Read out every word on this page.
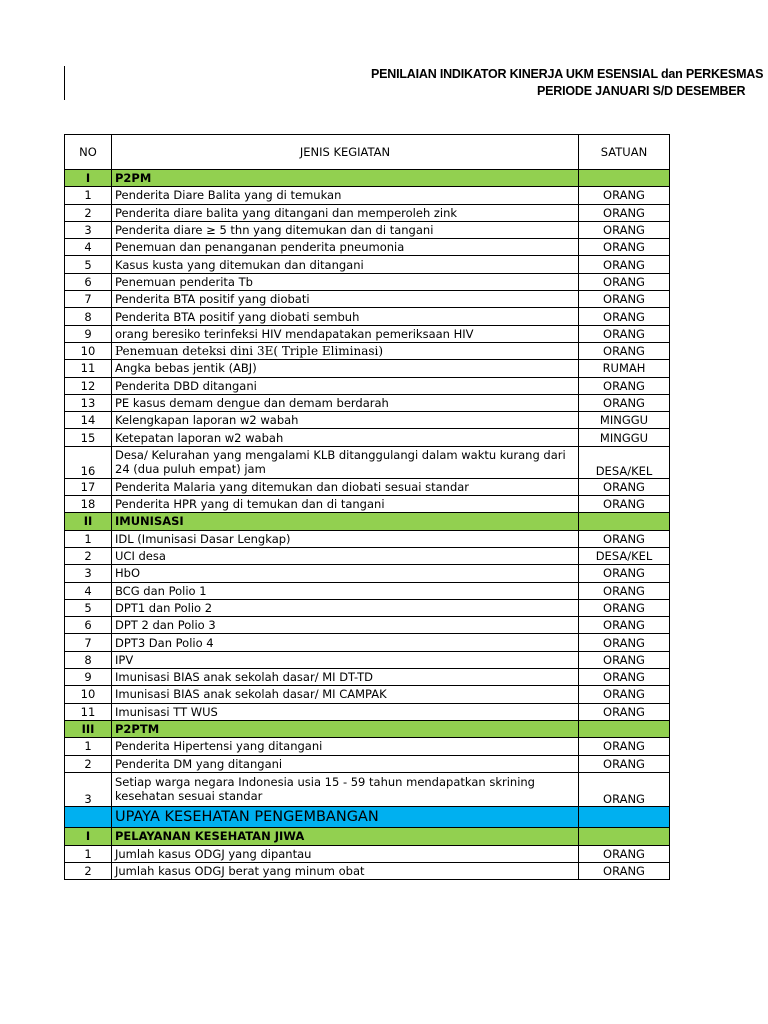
PENILAIAN INDIKATOR KINERJA UKM ESENSIAL dan PERKESMAS
PERIODE JANUARI S/D DESEMBER
NO	JENIS KEGIATAN	SATUAN
I	P2PM	
1	Penderita Diare Balita yang di temukan	ORANG
2	Penderita diare balita yang ditangani dan memperoleh zink	ORANG
3	Penderita diare ≥ 5 thn yang ditemukan dan di tangani	ORANG
4	Penemuan dan penanganan penderita pneumonia	ORANG
5	Kasus kusta yang ditemukan dan ditangani	ORANG
6	Penemuan penderita Tb	ORANG
7	Penderita BTA positif yang diobati	ORANG
8	Penderita BTA positif yang diobati sembuh	ORANG
9	orang beresiko terinfeksi HIV mendapatakan pemeriksaan HIV	ORANG
10	Penemuan deteksi dini 3E( Triple Eliminasi)	ORANG
11	Angka bebas jentik (ABJ)	RUMAH
12	Penderita DBD ditangani	ORANG
13	PE kasus demam dengue dan demam berdarah	ORANG
14	Kelengkapan laporan w2 wabah	MINGGU
15	Ketepatan laporan w2 wabah	MINGGU
16	Desa/ Kelurahan yang mengalami KLB ditanggulangi dalam waktu kurang dari 24 (dua puluh empat) jam	DESA/KEL
17	Penderita Malaria yang ditemukan dan diobati sesuai standar	ORANG
18	Penderita HPR yang di temukan dan di tangani	ORANG
II	IMUNISASI	
1	IDL (Imunisasi Dasar Lengkap)	ORANG
2	UCI desa	DESA/KEL
3	HbO	ORANG
4	BCG dan Polio 1	ORANG
5	DPT1 dan Polio 2	ORANG
6	DPT 2 dan Polio 3	ORANG
7	DPT3 Dan Polio 4	ORANG
8	IPV	ORANG
9	Imunisasi BIAS anak sekolah dasar/ MI DT-TD	ORANG
10	Imunisasi BIAS anak sekolah dasar/ MI CAMPAK	ORANG
11	Imunisasi TT WUS	ORANG
III	P2PTM	
1	Penderita Hipertensi yang ditangani	ORANG
2	Penderita DM yang ditangani	ORANG
3	Setiap warga negara Indonesia usia 15 - 59 tahun mendapatkan skrining kesehatan sesuai standar	ORANG
	UPAYA KESEHATAN PENGEMBANGAN	
I	PELAYANAN KESEHATAN JIWA	
1	Jumlah kasus ODGJ yang dipantau	ORANG
2	Jumlah kasus ODGJ berat yang minum obat	ORANG
